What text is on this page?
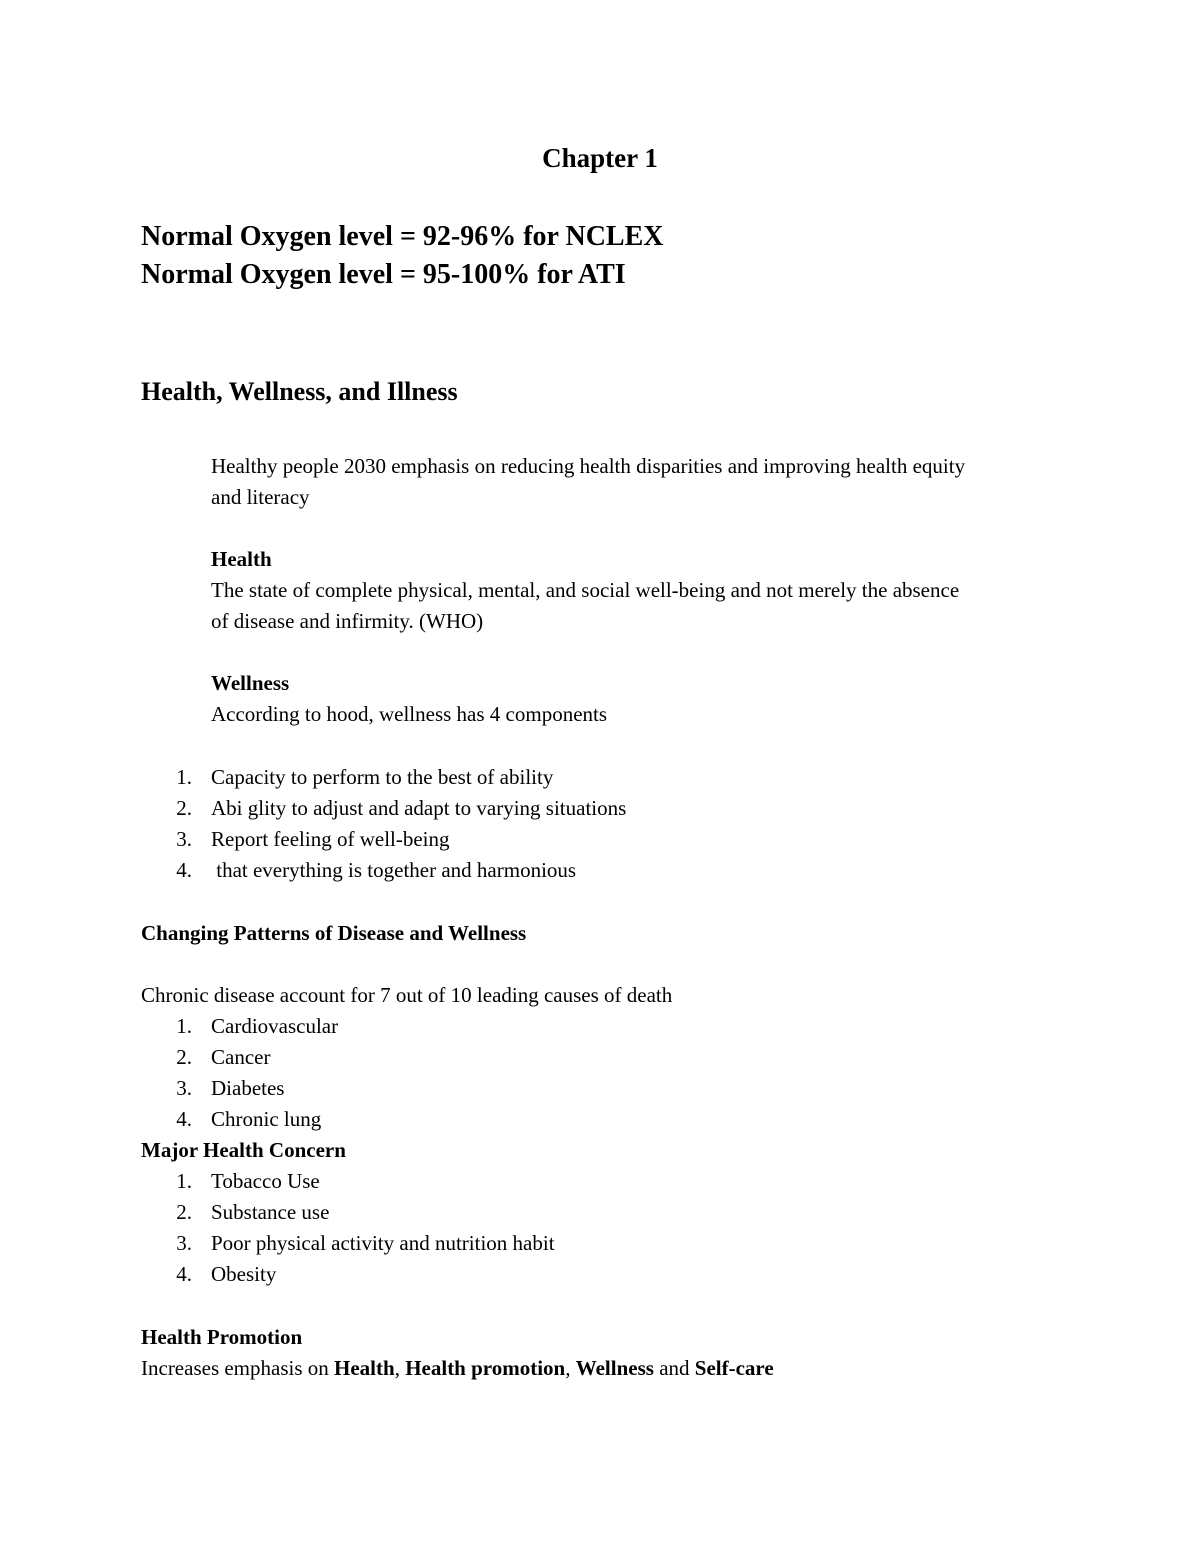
Chapter 1

Normal Oxygen level = 92-96% for NCLEX

Normal Oxygen level = 95-100% for ATI

Health, Wellness, and Illness

Healthy people 2030 emphasis on reducing health disparities and improving health equity

and literacy

Health

The state of complete physical, mental, and social well-being and not merely the absence

of disease and infirmity. (WHO)

Wellness

According to hood, wellness has 4 components

1. Capacity to perform to the best of ability
2. Abi glity to adjust and adapt to varying situations
3. Report feeling of well-being
4. that everything is together and harmonious

Changing Patterns of Disease and Wellness

Chronic disease account for 7 out of 10 leading causes of death

1. Cardiovascular
2. Cancer
3. Diabetes
4. Chronic lung

Major Health Concern

1. Tobacco Use
2. Substance use
3. Poor physical activity and nutrition habit
4. Obesity

Health Promotion

Increases emphasis on Health, Health promotion, Wellness and Self-care
